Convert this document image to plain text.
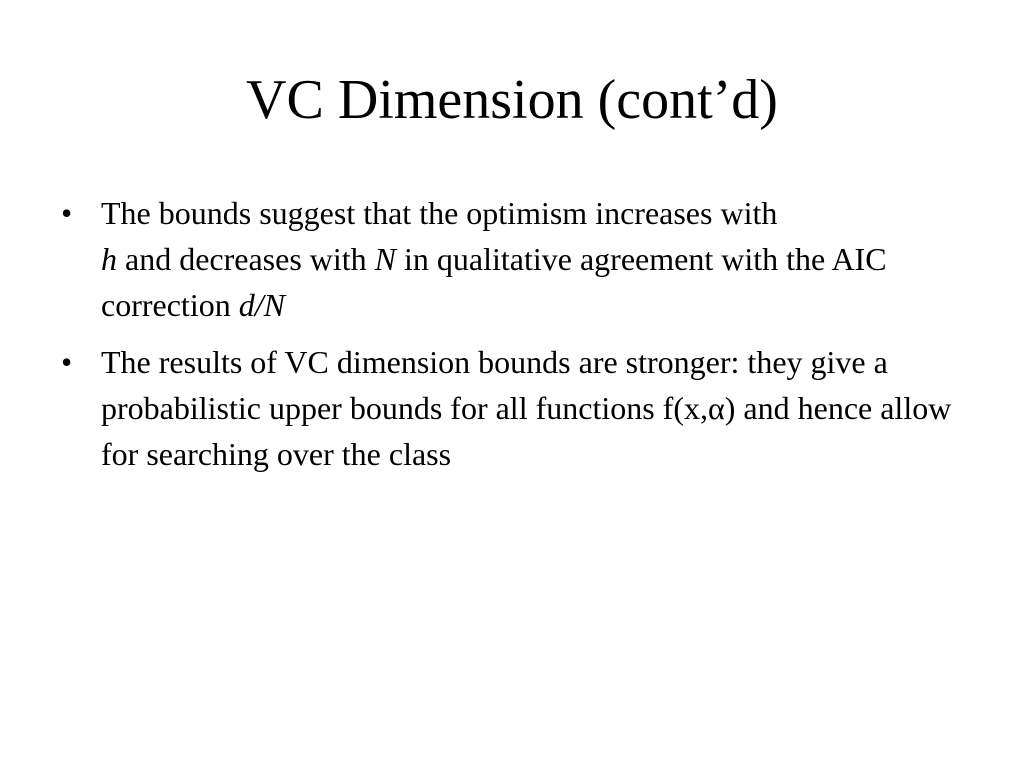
VC Dimension (cont’d)
• The bounds suggest that the optimism increases with
h and decreases with N in qualitative agreement with the AIC correction d/N
• The results of VC dimension bounds are stronger: they give a probabilistic upper bounds for all functions f(x,α) and hence allow for searching over the class
